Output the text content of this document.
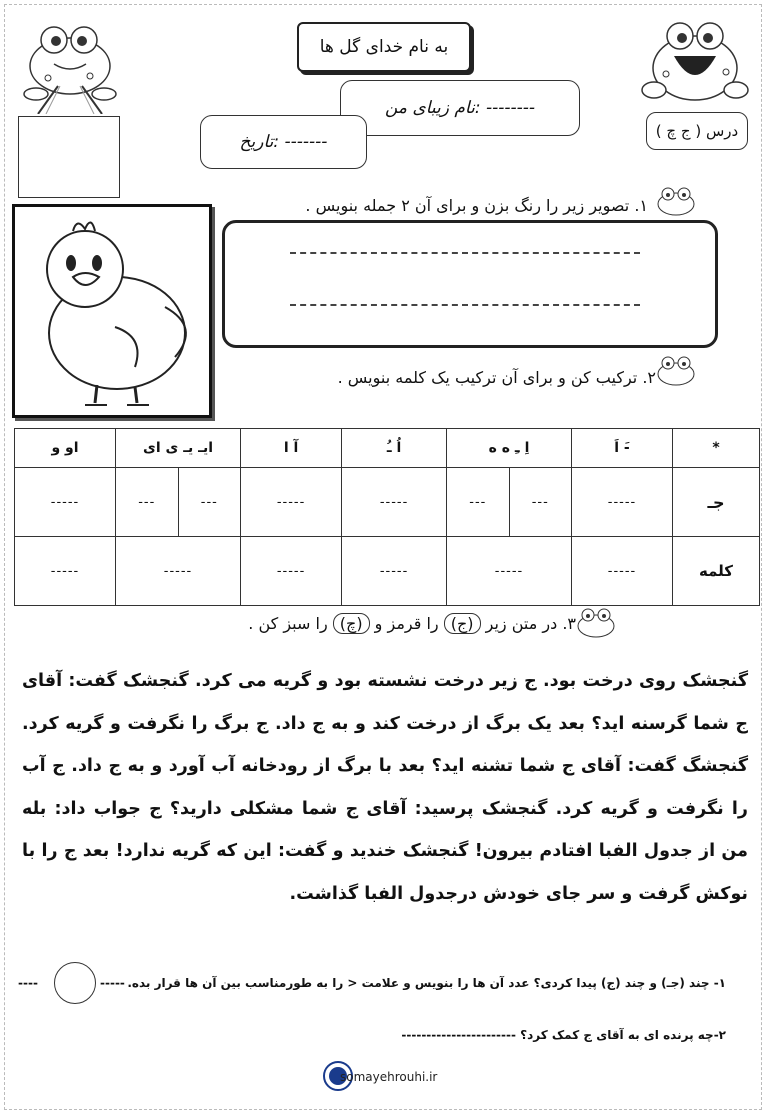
به نام خدای گل ها
نام زیبای من: --------
تاریخ: -------
درس ( ج چ )
۱. تصویر زیر را رنگ بزن و برای آن ۲ جمله بنویس .
۲. ترکیب کن و برای آن ترکیب یک کلمه بنویس .
او و	ایـ یـ ی ای		آ ا	اُ ـُ	اِ ـِ ه ه		اَ -َ	*
-----	---	---	-----	-----	---	---	-----	جـ
-----	-----		-----	-----	-----		-----	کلمه
۳. در متن زیر (ج) را قرمز و (چ) را سبز کن .
گنجشک روی درخت بود. ج زیر درخت نشسته بود و گریه می کرد. گنجشک گفت: آقای ج شما گرسنه اید؟ بعد یک برگ از درخت کند و به ج داد. ج برگ را نگرفت و گریه کرد. گنجشگ گفت: آقای ج شما تشنه اید؟ بعد با برگ از رودخانه آب آورد و به ج داد. ج آب را نگرفت و گریه کرد. گنجشک پرسید: آقای ج شما مشکلی دارید؟ ج جواب داد: بله من از جدول الفبا افتادم بیرون! گنجشک خندید و گفت: این که گریه ندارد! بعد ج را با نوکش گرفت و سر جای خودش درجدول الفبا گذاشت.
۱- چند (جـ) و چند (ج) پیدا کردی؟ عدد آن ها را بنویس و علامت < را به طورمناسب بین آن ها قرار بده.
-----
----
۲-چه پرنده ای به آقای ج کمک کرد؟ -----------------------
somayehrouhi.ir
